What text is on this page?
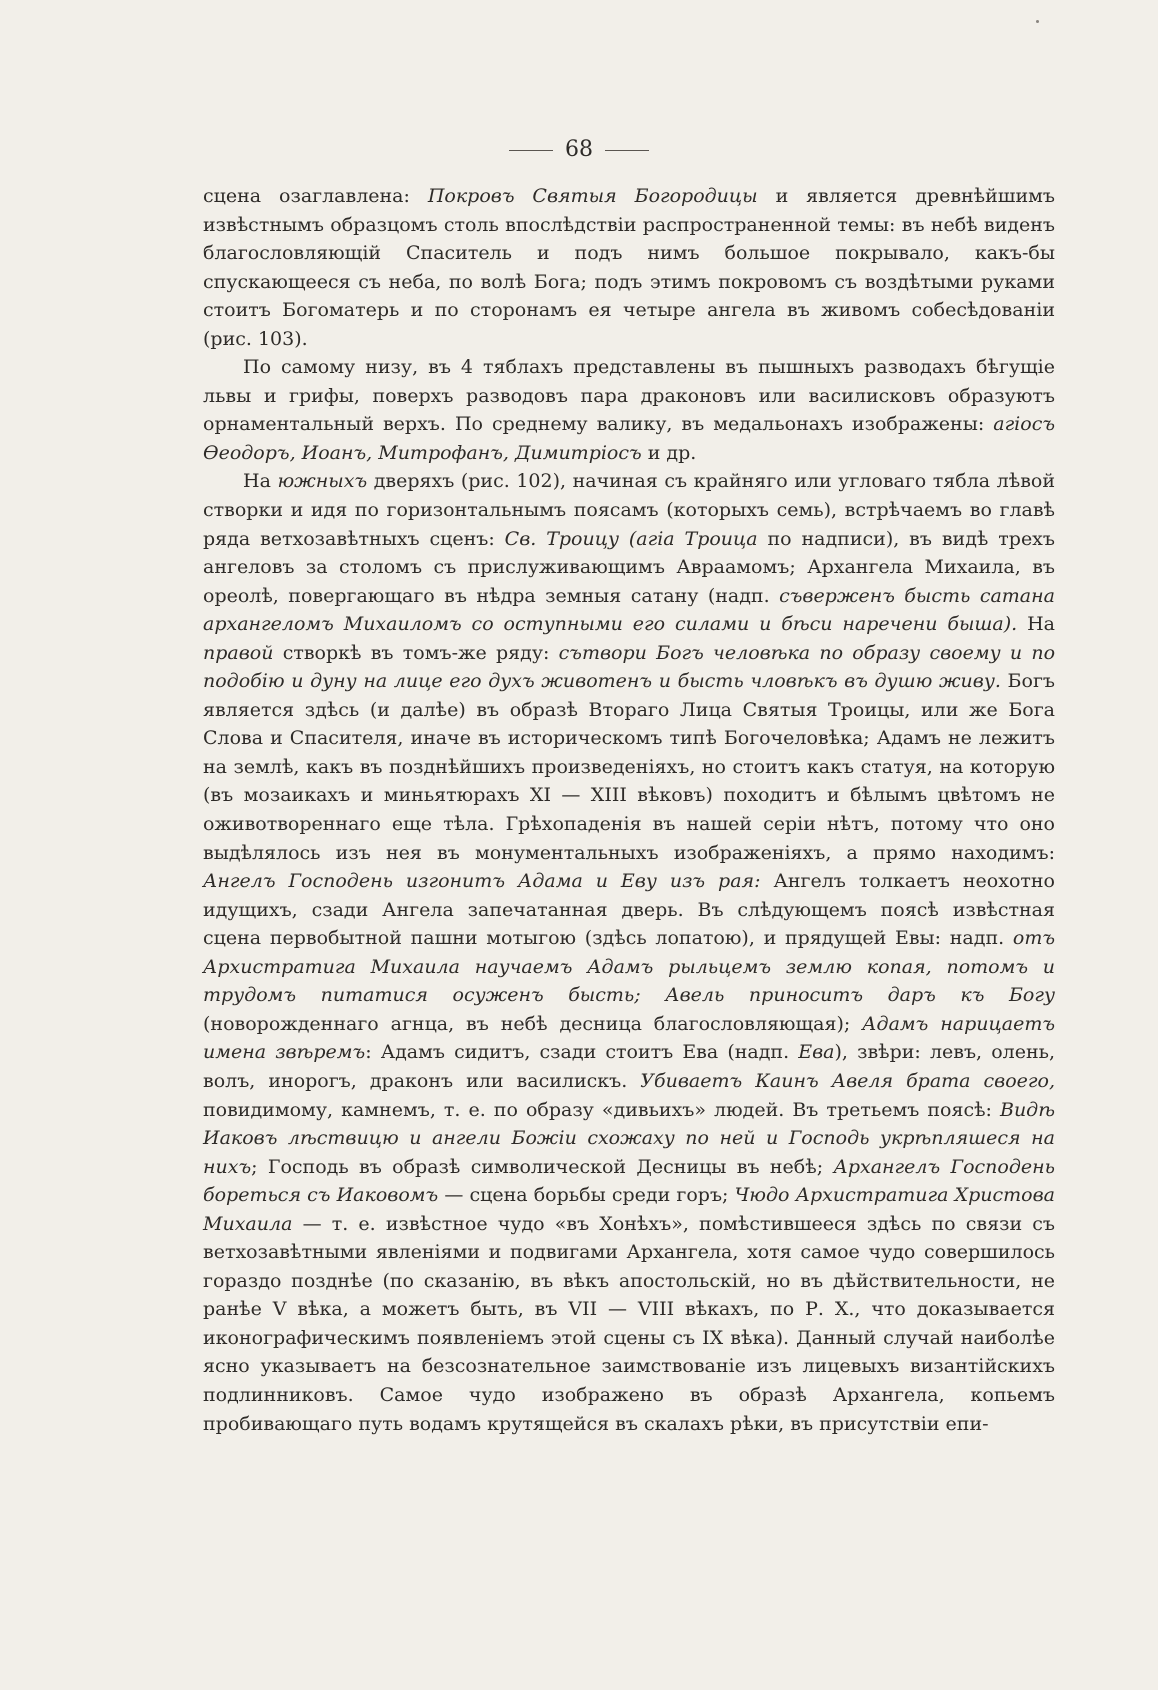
68

сцена озаглавлена: Покровъ Святыя Богородицы и является древнѣйшимъ извѣстнымъ образцомъ столь впослѣдствіи распространенной темы: въ небѣ виденъ благословляющій Спаситель и подъ нимъ большое покрывало, какъ-бы спускающееся съ неба, по волѣ Бога; подъ этимъ покровомъ съ воздѣтыми руками стоитъ Богоматерь и по сторонамъ ея четыре ангела въ живомъ собесѣдованіи (рис. 103).

По самому низу, въ 4 тяблахъ представлены въ пышныхъ разводахъ бѣгущіе львы и грифы, поверхъ разводовъ пара драконовъ или василисковъ образуютъ орнаментальный верхъ. По среднему валику, въ медальонахъ изображены: агіосъ Ѳеодоръ, Иоанъ, Митрофанъ, Димитріосъ и др.

На южныхъ дверяхъ (рис. 102), начиная съ крайняго или угловаго тябла лѣвой створки и идя по горизонтальнымъ поясамъ (которыхъ семь), встрѣчаемъ во главѣ ряда ветхозавѣтныхъ сценъ: Св. Троицу (агіа Троица по надписи), въ видѣ трехъ ангеловъ за столомъ съ прислуживающимъ Авраамомъ; Архангела Михаила, въ ореолѣ, повергающаго въ нѣдра земныя сатану (надп. съверженъ бысть сатана архангеломъ Михаиломъ со оступными его силами и бѣси наречени быша). На правой створкѣ въ томъ-же ряду: сътвори Богъ человѣка по образу своему и по подобію и дуну на лице его духъ животенъ и бысть чловѣкъ въ душю живу. Богъ является здѣсь (и далѣе) въ образѣ Втораго Лица Святыя Троицы, или же Бога Слова и Спасителя, иначе въ историческомъ типѣ Богочеловѣка; Адамъ не лежитъ на землѣ, какъ въ позднѣйшихъ произведеніяхъ, но стоитъ какъ статуя, на которую (въ мозаикахъ и миньятюрахъ XI — XIII вѣковъ) походитъ и бѣлымъ цвѣтомъ не оживотвореннаго еще тѣла. Грѣхопаденія въ нашей серіи нѣтъ, потому что оно выдѣлялось изъ нея въ монументальныхъ изображеніяхъ, а прямо находимъ: Ангелъ Господень изгонитъ Адама и Еву изъ рая: Ангелъ толкаетъ неохотно идущихъ, сзади Ангела запечатанная дверь. Въ слѣдующемъ поясѣ извѣстная сцена первобытной пашни мотыгою (здѣсь лопатою), и прядущей Евы: надп. отъ Архистратига Михаила научаемъ Адамъ рыльцемъ землю копая, потомъ и трудомъ питатися осуженъ бысть; Авель приноситъ даръ къ Богу (новорожденнаго агнца, въ небѣ десница благословляющая); Адамъ нарицаетъ имена звѣремъ: Адамъ сидитъ, сзади стоитъ Ева (надп. Ева), звѣри: левъ, олень, волъ, инорогъ, драконъ или василискъ. Убиваетъ Каинъ Авеля брата своего, повидимому, камнемъ, т. е. по образу «дивьихъ» людей. Въ третьемъ поясѣ: Видѣ Иаковъ лѣствицю и ангели Божіи схожаху по ней и Господь укрѣпляшеся на нихъ; Господь въ образѣ символической Десницы въ небѣ; Архангелъ Господень бореться съ Иаковомъ — сцена борьбы среди горъ; Чюдо Архистратига Христова Михаила — т. е. извѣстное чудо «въ Хонѣхъ», помѣстившееся здѣсь по связи съ ветхозавѣтными явленіями и подвигами Архангела, хотя самое чудо совершилось гораздо позднѣе (по сказанію, въ вѣкъ апостольскій, но въ дѣйствительности, не ранѣе V вѣка, а можетъ быть, въ VII — VIII вѣкахъ, по Р. Х., что доказывается иконографическимъ появленіемъ этой сцены съ IX вѣка). Данный случай наиболѣе ясно указываетъ на безсознательное заимствованіе изъ лицевыхъ византійскихъ подлинниковъ. Самое чудо изображено въ образѣ Архангела, копьемъ пробивающаго путь водамъ крутящейся въ скалахъ рѣки, въ присутствіи епи-
